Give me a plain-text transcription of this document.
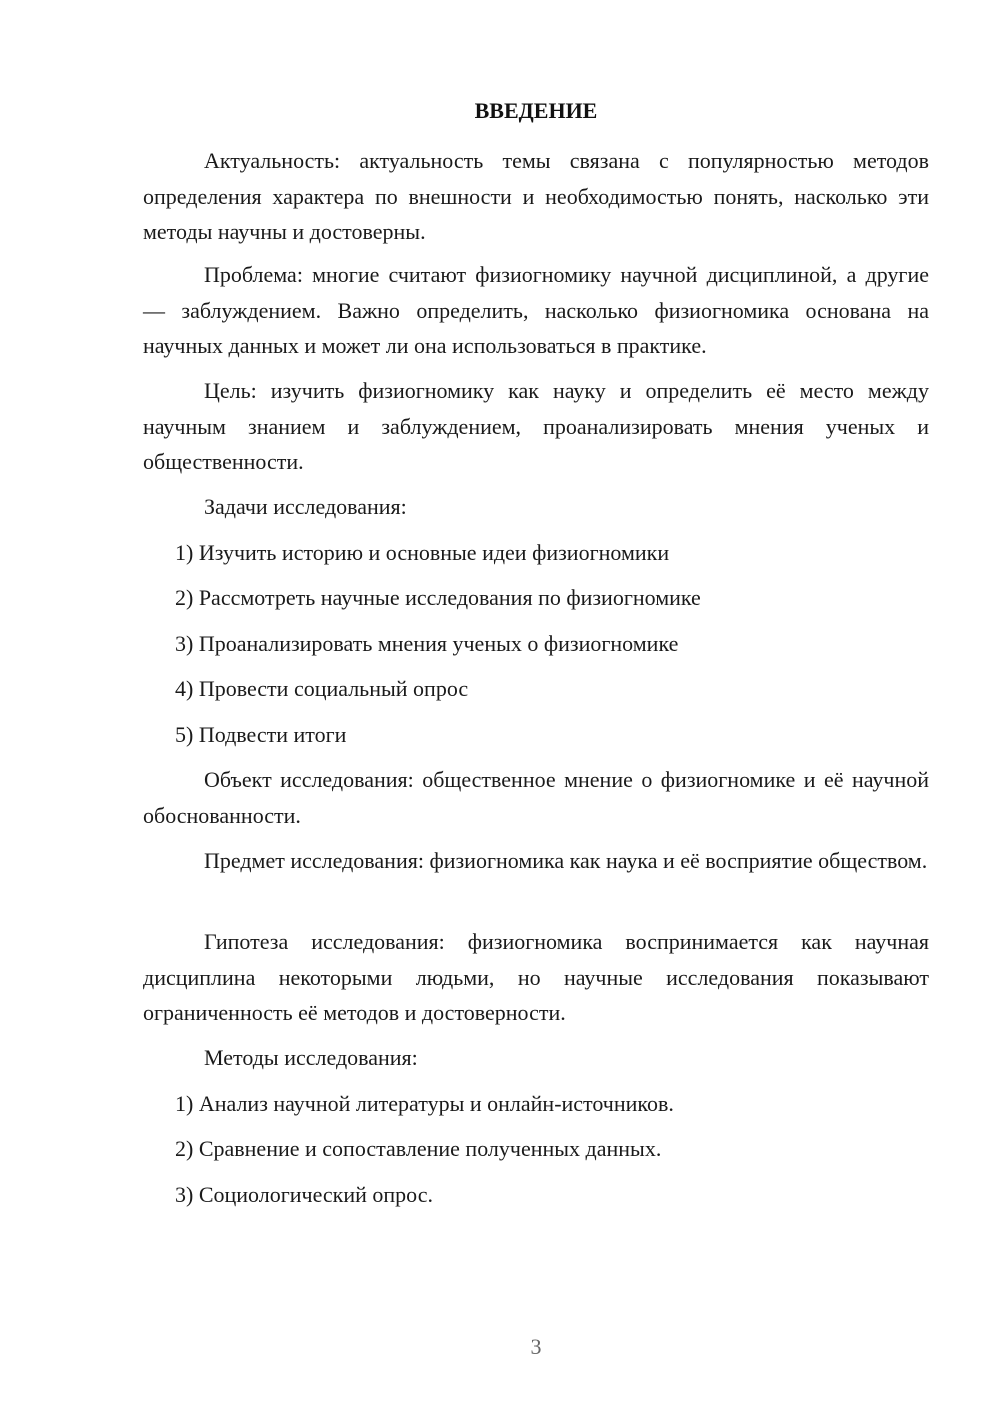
ВВЕДЕНИЕ

Актуальность: актуальность темы связана с популярностью методов определения характера по внешности и необходимостью понять, насколько эти методы научны и достоверны.

Проблема: многие считают физиогномику научной дисциплиной, а другие — заблуждением. Важно определить, насколько физиогномика основана на научных данных и может ли она использоваться в практике.

Цель: изучить физиогномику как науку и определить её место между научным знанием и заблуждением, проанализировать мнения ученых и общественности.

Задачи исследования:

1) Изучить историю и основные идеи физиогномики

2) Рассмотреть научные исследования по физиогномике

3) Проанализировать мнения ученых о физиогномике

4) Провести социальный опрос

5) Подвести итоги

Объект исследования: общественное мнение о физиогномике и её научной обоснованности.

Предмет исследования: физиогномика как наука и её восприятие обществом.

Гипотеза исследования: физиогномика воспринимается как научная дисциплина некоторыми людьми, но научные исследования показывают ограниченность её методов и достоверности.

Методы исследования:

1) Анализ научной литературы и онлайн-источников.

2) Сравнение и сопоставление полученных данных.

3) Социологический опрос.

3
